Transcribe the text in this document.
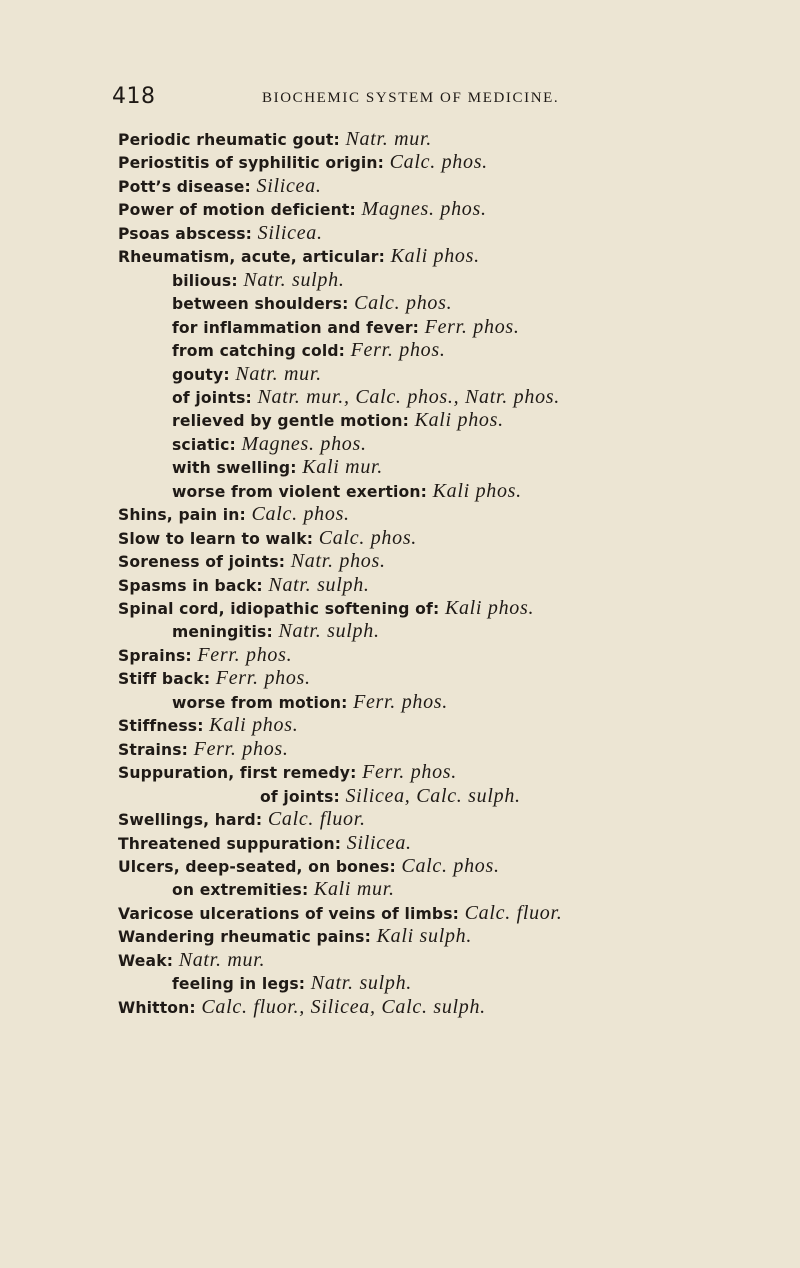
418	BIOCHEMIC SYSTEM OF MEDICINE.
Periodic rheumatic gout: Natr. mur.
Periostitis of syphilitic origin: Calc. phos.
Pott’s disease: Silicea.
Power of motion deficient: Magnes. phos.
Psoas abscess: Silicea.
Rheumatism, acute, articular: Kali phos.
bilious: Natr. sulph.
between shoulders: Calc. phos.
for inflammation and fever: Ferr. phos.
from catching cold: Ferr. phos.
gouty: Natr. mur.
of joints: Natr. mur., Calc. phos., Natr. phos.
relieved by gentle motion: Kali phos.
sciatic: Magnes. phos.
with swelling: Kali mur.
worse from violent exertion: Kali phos.
Shins, pain in: Calc. phos.
Slow to learn to walk: Calc. phos.
Soreness of joints: Natr. phos.
Spasms in back: Natr. sulph.
Spinal cord, idiopathic softening of: Kali phos.
meningitis: Natr. sulph.
Sprains: Ferr. phos.
Stiff back: Ferr. phos.
worse from motion: Ferr. phos.
Stiffness: Kali phos.
Strains: Ferr. phos.
Suppuration, first remedy: Ferr. phos.
of joints: Silicea, Calc. sulph.
Swellings, hard: Calc. fluor.
Threatened suppuration: Silicea.
Ulcers, deep-seated, on bones: Calc. phos.
on extremities: Kali mur.
Varicose ulcerations of veins of limbs: Calc. fluor.
Wandering rheumatic pains: Kali sulph.
Weak: Natr. mur.
feeling in legs: Natr. sulph.
Whitton: Calc. fluor., Silicea, Calc. sulph.
